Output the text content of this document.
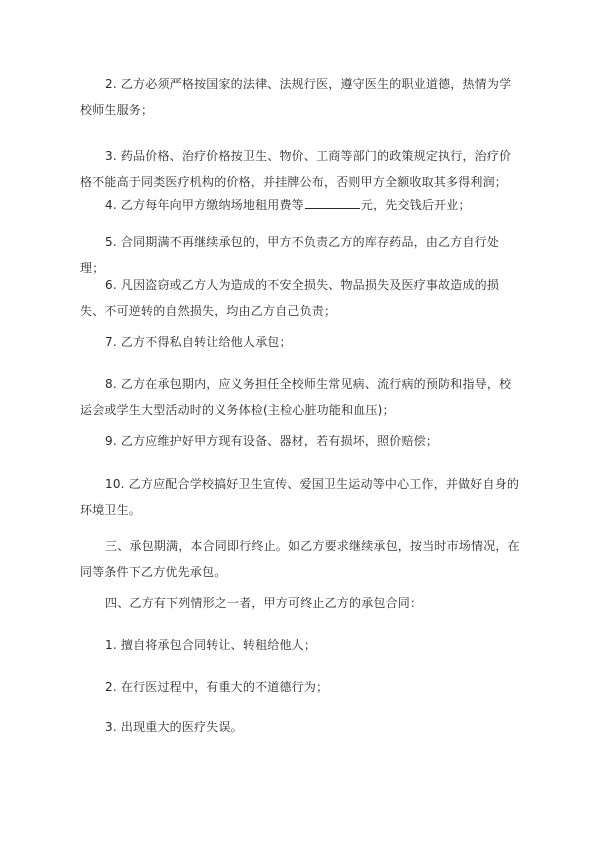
2. 乙方必须严格按国家的法律、法规行医，遵守医生的职业道德，热情为学校师生服务；

3. 药品价格、治疗价格按卫生、物价、工商等部门的政策规定执行，治疗价格不能高于同类医疗机构的价格，并挂牌公布，否则甲方全额收取其多得利润；

4. 乙方每年向甲方缴纳场地租用费等	元，先交钱后开业；

5. 合同期满不再继续承包的，甲方不负责乙方的库存药品，由乙方自行处理；

6. 凡因盗窃或乙方人为造成的不安全损失、物品损失及医疗事故造成的损失、不可逆转的自然损失，均由乙方自己负责；

7. 乙方不得私自转让给他人承包；

8. 乙方在承包期内，应义务担任全校师生常见病、流行病的预防和指导，校运会或学生大型活动时的义务体检(主检心脏功能和血压)；

9. 乙方应维护好甲方现有设备、器材，若有损坏，照价赔偿；

10. 乙方应配合学校搞好卫生宣传、爱国卫生运动等中心工作，并做好自身的环境卫生。

三、承包期满，本合同即行终止。如乙方要求继续承包，按当时市场情况，在同等条件下乙方优先承包。

四、乙方有下列情形之一者，甲方可终止乙方的承包合同：

1. 擅自将承包合同转让、转租给他人；

2. 在行医过程中，有重大的不道德行为；

3. 出现重大的医疗失误。
